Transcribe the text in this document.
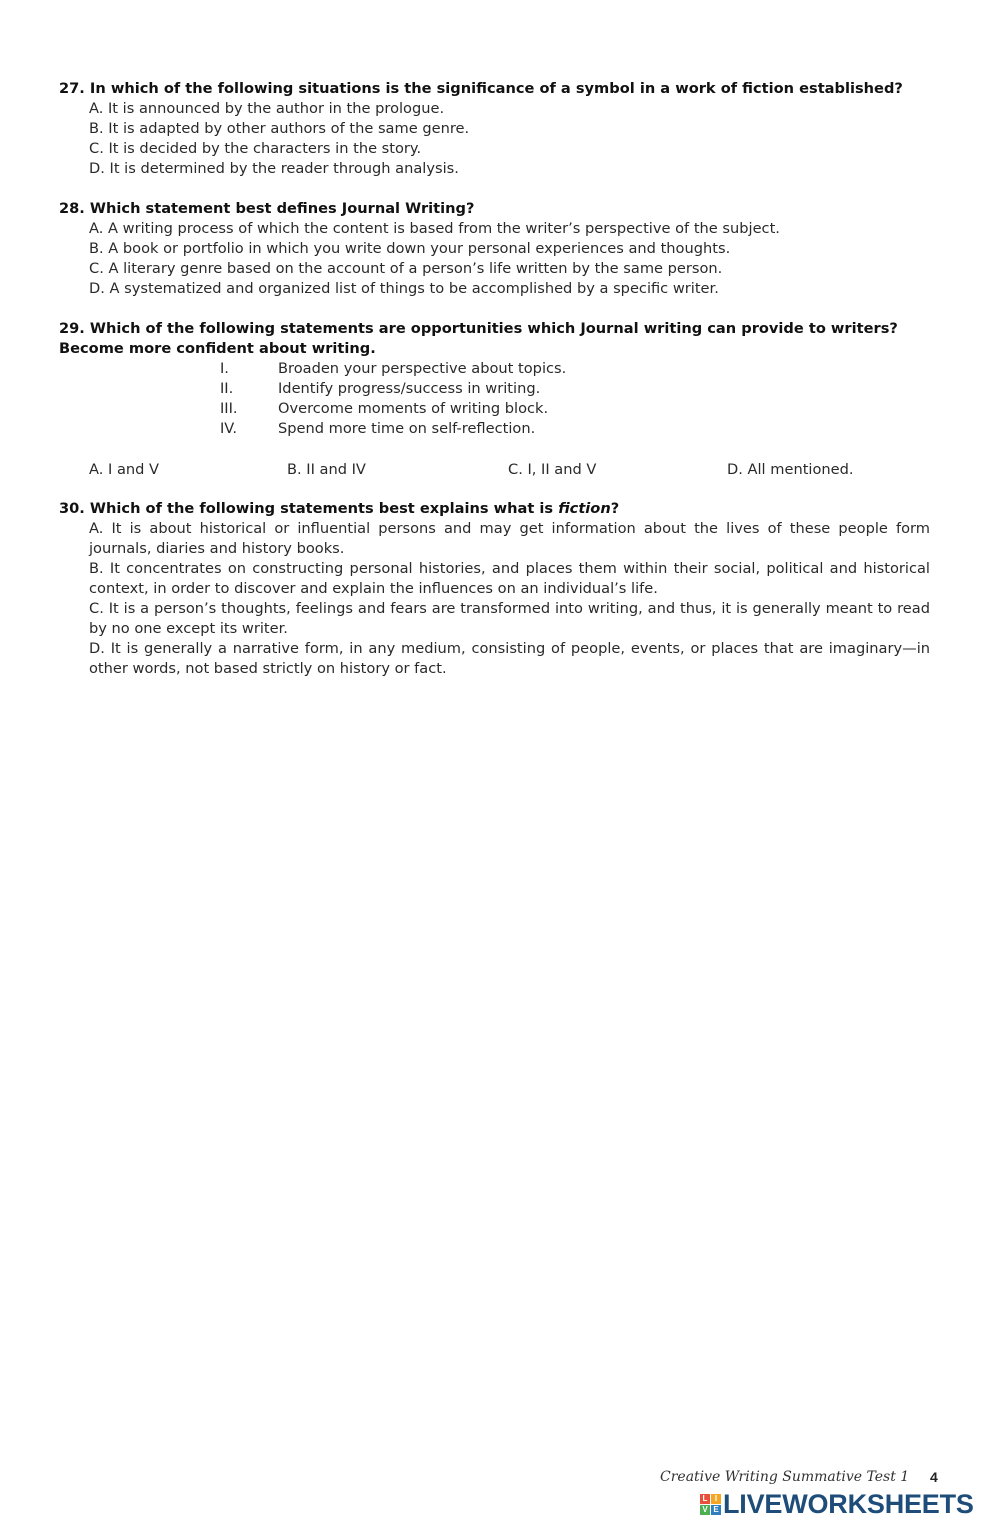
27. In which of the following situations is the significance of a symbol in a work of fiction established?
A. It is announced by the author in the prologue.
B. It is adapted by other authors of the same genre.
C. It is decided by the characters in the story.
D. It is determined by the reader through analysis.
28. Which statement best defines Journal Writing?
A. A writing process of which the content is based from the writer’s perspective of the subject.
B. A book or portfolio in which you write down your personal experiences and thoughts.
C. A literary genre based on the account of a person’s life written by the same person.
D. A systematized and organized list of things to be accomplished by a specific writer.
29. Which of the following statements are opportunities which Journal writing can provide to writers? Become more confident about writing.
I.	Broaden your perspective about topics.
II.	Identify progress/success in writing.
III.	Overcome moments of writing block.
IV.	Spend more time on self-reflection.
A. I and V	B. II and IV	C. I, II and V	D. All mentioned.
30. Which of the following statements best explains what is fiction?
A. It is about historical or influential persons and may get information about the lives of these people form journals, diaries and history books.
B. It concentrates on constructing personal histories, and places them within their social, political and historical context, in order to discover and explain the influences on an individual’s life.
C. It is a person’s thoughts, feelings and fears are transformed into writing, and thus, it is generally meant to read by no one except its writer.
D. It is generally a narrative form, in any medium, consisting of people, events, or places that are imaginary—in other words, not based strictly on history or fact.
Creative Writing Summative Test 1 4
L I
V E LIVEWORKSHEETS
